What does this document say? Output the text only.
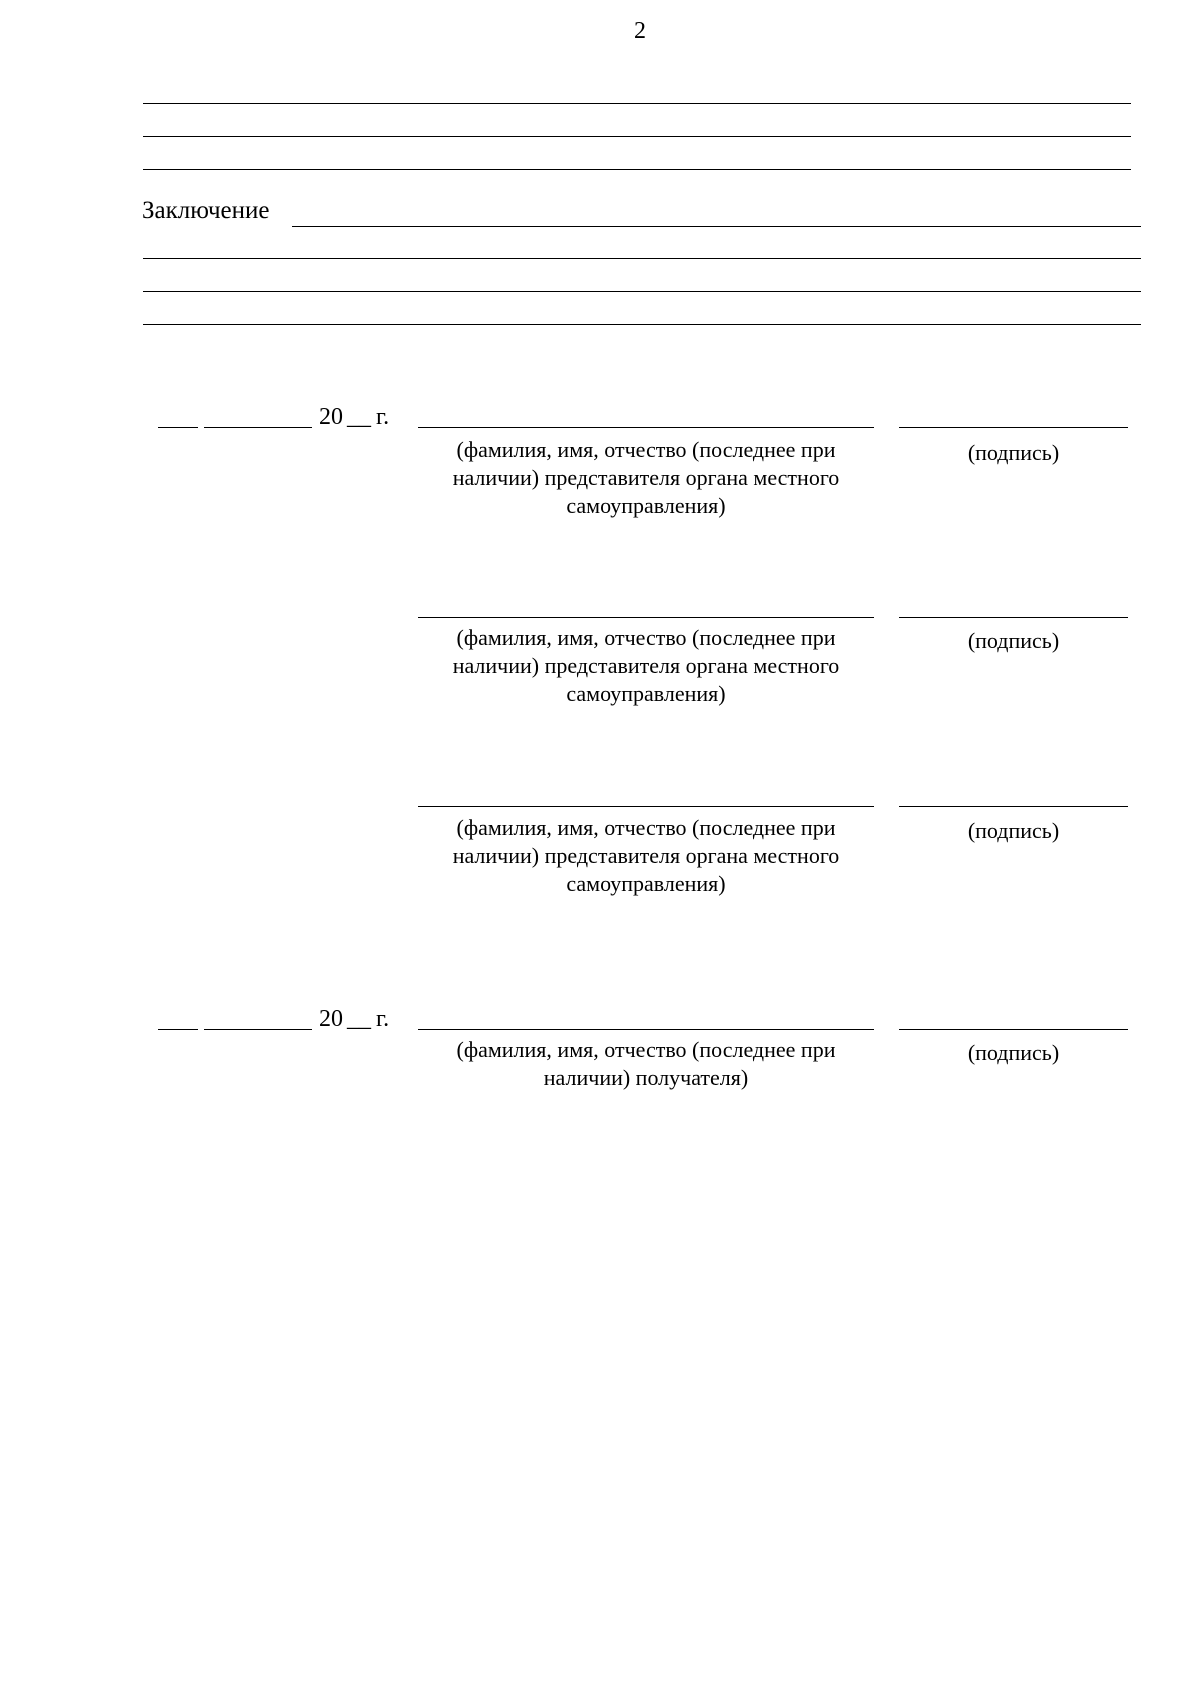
2
Заключение
20 __ г.
(фамилия, имя, отчество (последнее при наличии) представителя органа местного самоуправления)
(подпись)
(фамилия, имя, отчество (последнее при наличии) представителя органа местного самоуправления)
(подпись)
(фамилия, имя, отчество (последнее при наличии) представителя органа местного самоуправления)
(подпись)
20 __ г.
(фамилия, имя, отчество (последнее при наличии) получателя)
(подпись)
